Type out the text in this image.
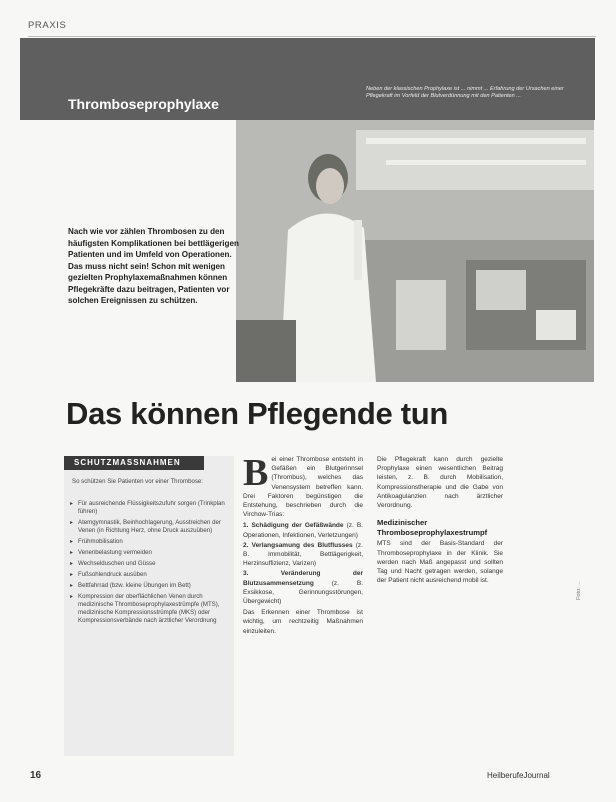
PRAXIS
Thromboseprophylaxe
Neben der klassischen Prophylaxe ist ... nimmt ... Erfahrung der Ursachen einer Pflegekraft im Vorfeld der Blutverdünnung mit den Patienten ...
Nach wie vor zählen Thrombosen zu den häufigsten Komplikationen bei bettlägerigen Patienten und im Umfeld von Operationen. Das muss nicht sein! Schon mit wenigen gezielten Prophylaxemaßnahmen können Pflegekräfte dazu beitragen, Patienten vor solchen Ereignissen zu schützen.
Das können Pflegende tun
SCHUTZMASSNAHMEN
So schützen Sie Patienten vor einer Thrombose:
▸ Für ausreichende Flüssigkeitszufuhr sorgen (Trinkplan führen)
▸ Atemgymnastik, Beinhochlagerung, Ausstreichen der Venen (in Richtung Herz, ohne Druck auszuüben)
▸ Frühmobilisation
▸ Venenbelastung vermeiden
▸ Wechselduschen und Güsse
▸ Fußsohlendruck ausüben
▸ Bettfahrrad (bzw. kleine Übungen im Bett)
▸ Kompression der oberflächlichen Venen durch medizinische Thromboseprophylaxestrümpfe (MTS), medizinische Kompressionsstrümpfe (MKS) oder Kompressionsverbände nach ärztlicher Verordnung
B ei einer Thrombose entsteht in Gefäßen ein Blutgerinnsel (Thrombus), welches das Venensystem betreffen kann. Drei Faktoren begünstigen die Entstehung, beschrieben durch die Virchow-Trias:
1. Schädigung der Gefäßwände (z. B. Operationen, Infektionen, Verletzungen)
2. Verlangsamung des Blutflusses (z. B. Immobilität, Bettlägerigkeit, Herzinsuffizienz, Varizen)
3.	Veränderung der Blutzusammensetzung	(z. B. Exsikkose, Gerinnungsstörungen, Übergewicht)
Das Erkennen einer Thrombose ist wichtig, um rechtzeitig Maßnahmen einzuleiten.
Die Pflegekraft kann durch gezielte Prophylaxe einen wesentlichen Beitrag leisten, z. B. durch Mobilisation, Kompressionstherapie und die Gabe von Antikoagulanzien nach ärztlicher Verordnung.
Medizinischer Thromboseprophylaxestrumpf
MTS sind der Basis-Standard der Thromboseprophylaxe in der Klinik. Sie werden nach Maß angepasst und sollten Tag und Nacht getragen werden, solange der Patient nicht ausreichend mobil ist.
Foto: ...
16	HeilberufeJournal
